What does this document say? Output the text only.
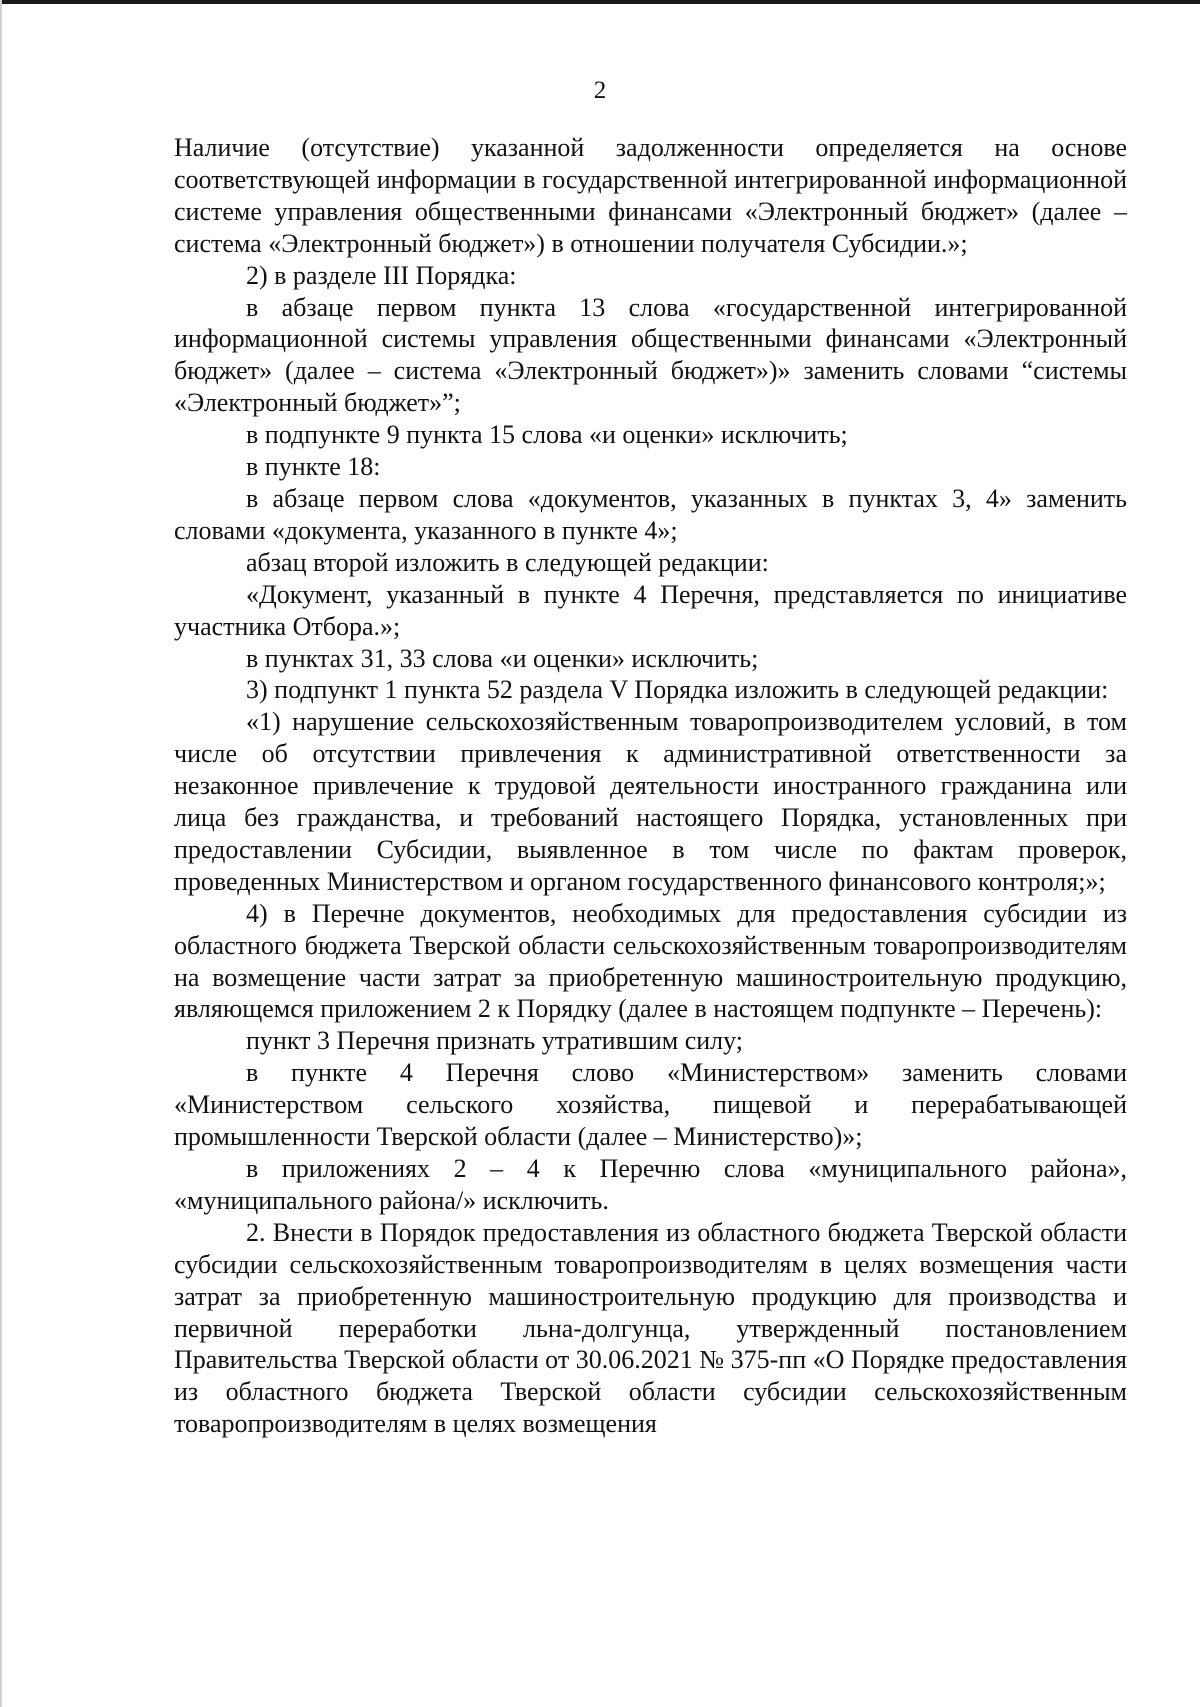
2

Наличие (отсутствие) указанной задолженности определяется на основе соответствующей информации в государственной интегрированной информационной системе управления общественными финансами «Электронный бюджет» (далее – система «Электронный бюджет») в отношении получателя Субсидии.»;

2) в разделе III Порядка:

в абзаце первом пункта 13 слова «государственной интегрированной информационной системы управления общественными финансами «Электронный бюджет» (далее – система «Электронный бюджет»)» заменить словами “системы «Электронный бюджет»”;

в подпункте 9 пункта 15 слова «и оценки» исключить;

в пункте 18:

в абзаце первом слова «документов, указанных в пунктах 3, 4» заменить словами «документа, указанного в пункте 4»;

абзац второй изложить в следующей редакции:

«Документ, указанный в пункте 4 Перечня, представляется по инициативе участника Отбора.»;

в пунктах 31, 33 слова «и оценки» исключить;

3) подпункт 1 пункта 52 раздела V Порядка изложить в следующей редакции:

«1) нарушение сельскохозяйственным товаропроизводителем условий, в том числе об отсутствии привлечения к административной ответственности за незаконное привлечение к трудовой деятельности иностранного гражданина или лица без гражданства, и требований настоящего Порядка, установленных при предоставлении Субсидии, выявленное в том числе по фактам проверок, проведенных Министерством и органом государственного финансового контроля;»;

4) в Перечне документов, необходимых для предоставления субсидии из областного бюджета Тверской области сельскохозяйственным товаропроизводителям на возмещение части затрат за приобретенную машиностроительную продукцию, являющемся приложением 2 к Порядку (далее в настоящем подпункте – Перечень):

пункт 3 Перечня признать утратившим силу;

в пункте 4 Перечня слово «Министерством» заменить словами «Министерством сельского хозяйства, пищевой и перерабатывающей промышленности Тверской области (далее – Министерство)»;

в приложениях 2 – 4 к Перечню слова «муниципального района», «муниципального района/» исключить.

2. Внести в Порядок предоставления из областного бюджета Тверской области субсидии сельскохозяйственным товаропроизводителям в целях возмещения части затрат за приобретенную машиностроительную продукцию для производства и первичной переработки льна-долгунца, утвержденный постановлением Правительства Тверской области от 30.06.2021 № 375-пп «О Порядке предоставления из областного бюджета Тверской области субсидии сельскохозяйственным товаропроизводителям в целях возмещения
